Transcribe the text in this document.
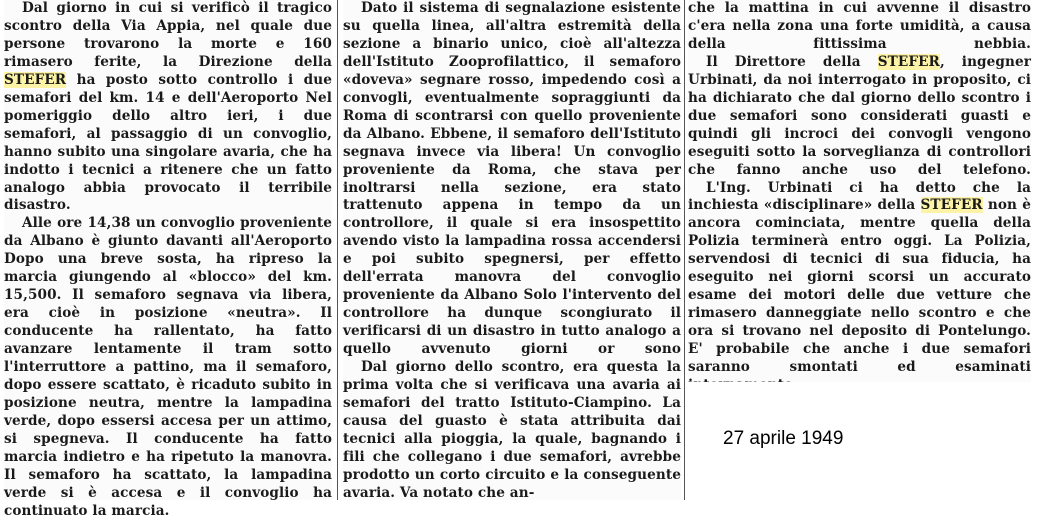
Dal giorno in cui si verificò il tragico scontro della Via Appia, nel quale due persone trovarono la morte e 160 rimasero ferite, la Direzione della STEFER ha posto sotto controllo i due semafori del km. 14 e dell'Aeroporto Nel pomeriggio dello altro ieri, i due semafori, al passaggio di un convoglio, hanno subito una singolare avaria, che ha indotto i tecnici a ritenere che un fatto analogo abbia provocato il terribile disastro.

Alle ore 14,38 un convoglio proveniente da Albano è giunto davanti all'Aeroporto Dopo una breve sosta, ha ripreso la marcia giungendo al «blocco» del km. 15,500. Il semaforo segnava via libera, era cioè in posizione «neutra». Il conducente ha rallentato, ha fatto avanzare lentamente il tram sotto l'interruttore a pattino, ma il semaforo, dopo essere scattato, è ricaduto subito in posizione neutra, mentre la lampadina verde, dopo essersi accesa per un attimo, si spegneva. Il conducente ha fatto marcia indietro e ha ripetuto la manovra. Il semaforo ha scattato, la lampadina verde si è accesa e il convoglio ha continuato la marcia.

Dato il sistema di segnalazione esistente su quella linea, all'altra estremità della sezione a binario unico, cioè all'altezza dell'Istituto Zooprofilattico, il semaforo «doveva» segnare rosso, impedendo così a convogli, eventualmente sopraggiunti da Roma di scontrarsi con quello proveniente da Albano. Ebbene, il semaforo dell'Istituto segnava invece via libera! Un convoglio proveniente da Roma, che stava per inoltrarsi nella sezione, era stato trattenuto appena in tempo da un controllore, il quale si era insospettito avendo visto la lampadina rossa accendersi e poi subito spegnersi, per effetto dell'errata manovra del convoglio proveniente da Albano Solo l'intervento del controllore ha dunque scongiurato il verificarsi di un disastro in tutto analogo a quello avvenuto giorni or sono

Dal giorno dello scontro, era questa la prima volta che si verificava una avaria ai semafori del tratto Istituto-Ciampino. La causa del guasto è stata attribuita dai tecnici alla pioggia, la quale, bagnando i fili che collegano i due semafori, avrebbe prodotto un corto circuito e la conseguente avaria. Va notato che an-

che la mattina in cui avvenne il disastro c'era nella zona una forte umidità, a causa della fittissima nebbia.

Il Direttore della STEFER, ingegner Urbinati, da noi interrogato in proposito, ci ha dichiarato che dal giorno dello scontro i due semafori sono considerati guasti e quindi gli incroci dei convogli vengono eseguiti sotto la sorveglianza di controllori che fanno anche uso del telefono.

L'Ing. Urbinati ci ha detto che la inchiesta «disciplinare» della STEFER non è ancora cominciata, mentre quella della Polizia terminerà entro oggi. La Polizia, servendosi di tecnici di sua fiducia, ha eseguito nei giorni scorsi un accurato esame dei motori delle due vetture che rimasero danneggiate nello scontro e che ora si trovano nel deposito di Pontelungo. E' probabile che anche i due semafori saranno smontati ed esaminati

27 aprile 1949
